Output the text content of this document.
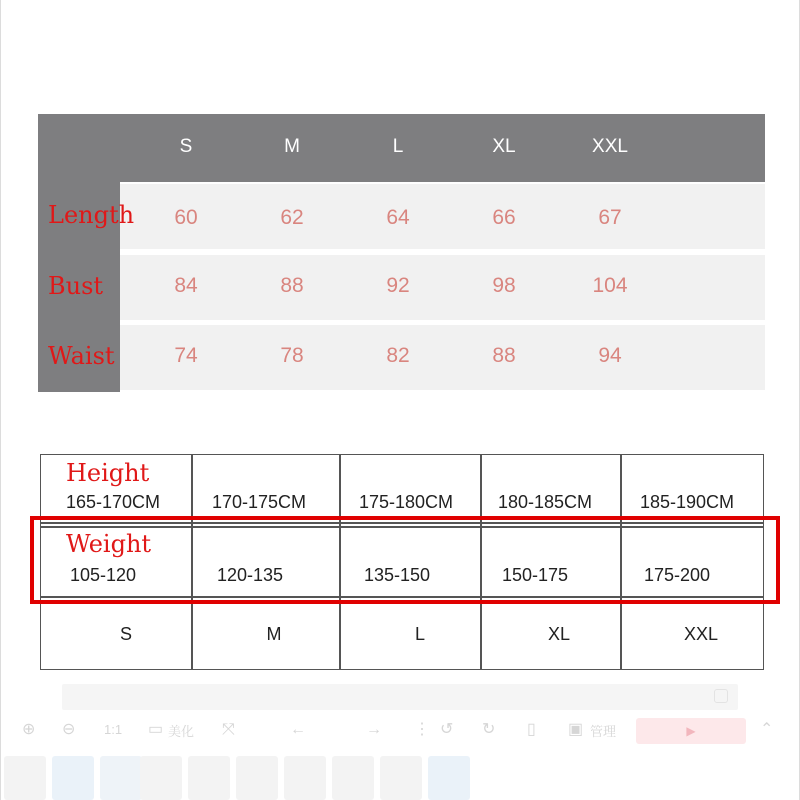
S	M	L	XL	XXL
Length	60	62	64	66	67
Bust	84	88	92	98	104
Waist	74	78	82	88	94
Height
165-170CM	170-175CM	175-180CM 180-185CM	185-190CM
Weight
105-120	120-135	135-150	150-175	175-200
S	M	L	XL	XXL
⊕ ⊖ 1:1 ▭ 美化 ⤧	←	→ ⋮ ↺ ↻ ▯ ▣ 管理	▶	⌃
